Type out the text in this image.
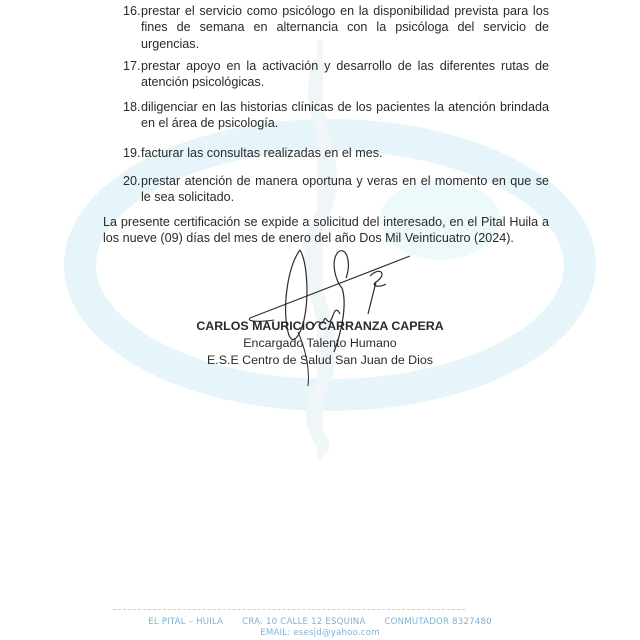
16. prestar el servicio como psicólogo en la disponibilidad prevista para los fines de semana en alternancia con la psicóloga del servicio de urgencias.
17. prestar apoyo en la activación y desarrollo de las diferentes rutas de atención psicológicas.
18. diligenciar en las historias clínicas de los pacientes la atención brindada en el área de psicología.
19. facturar las consultas realizadas en el mes.
20. prestar atención de manera oportuna y veras en el momento en que se le sea solicitado.
La presente certificación se expide a solicitud del interesado, en el Pital Huila a los nueve (09) días del mes de enero del año Dos Mil Veinticuatro (2024).
CARLOS MAURICIO CARRANZA CAPERA
Encargado Talento Humano
E.S.E Centro de Salud San Juan de Dios
EL PITAL – HUILA CRA. 10 CALLE 12 ESQUINA CONMUTADOR 8327480
EMAIL: esesjd@yahoo.com
